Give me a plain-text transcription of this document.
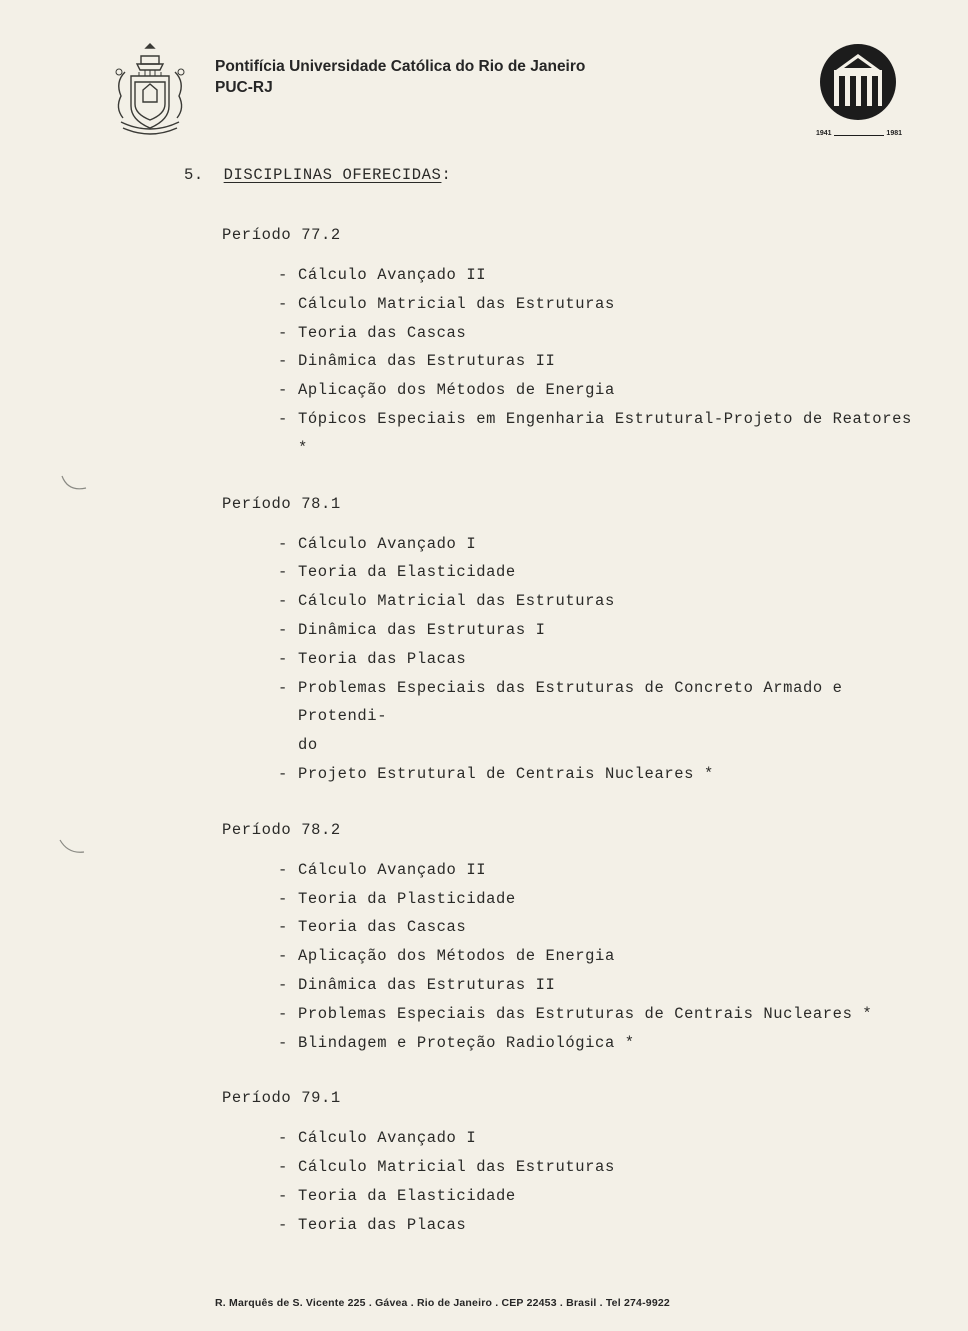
Pontifícia Universidade Católica do Rio de Janeiro
PUC-RJ
1941	1981
5. DISCIPLINAS OFERECIDAS:
Período 77.2
- Cálculo Avançado II
- Cálculo Matricial das Estruturas
- Teoria das Cascas
- Dinâmica das Estruturas II
- Aplicação dos Métodos de Energia
- Tópicos Especiais em Engenharia Estrutural-Projeto de Reatores *
Período 78.1
- Cálculo Avançado I
- Teoria da Elasticidade
- Cálculo Matricial das Estruturas
- Dinâmica das Estruturas I
- Teoria das Placas
- Problemas Especiais das Estruturas de Concreto Armado e Protendi-
do
- Projeto Estrutural de Centrais Nucleares *
Período 78.2
- Cálculo Avançado II
- Teoria da Plasticidade
- Teoria das Cascas
- Aplicação dos Métodos de Energia
- Dinâmica das Estruturas II
- Problemas Especiais das Estruturas de Centrais Nucleares *
- Blindagem e Proteção Radiológica *
Período 79.1
- Cálculo Avançado I
- Cálculo Matricial das Estruturas
- Teoria da Elasticidade
- Teoria das Placas
R. Marquês de S. Vicente 225 . Gávea . Rio de Janeiro . CEP 22453 . Brasil . Tel 274-9922
